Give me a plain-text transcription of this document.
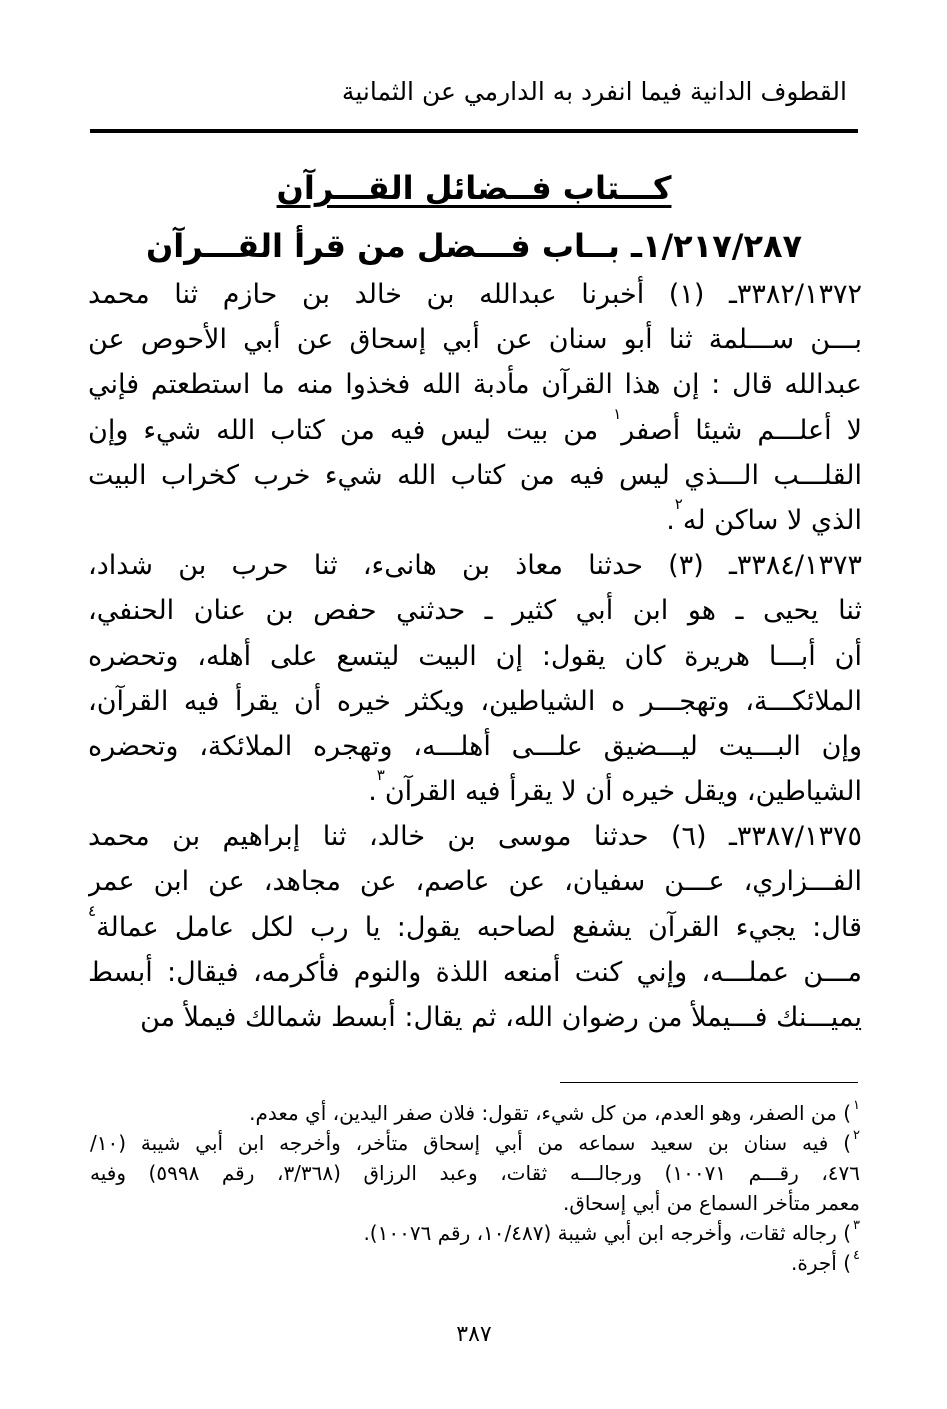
القطوف الدانية فيما انفرد به الدارمي عن الثمانية
كـــتاب فــضائل القـــرآن
١/٢١٧/٢٨٧ـ بــاب فـــضل من قرأ القـــرآن
٣٣٨٢/١٣٧٢ـ (١) أخبرنا عبدالله بن خالد بن حازم ثنا محمد
بـــن ســـلمة ثنا أبو سنان عن أبي إسحاق عن أبي الأحوص عن
عبدالله قال : إن هذا القرآن مأدبة الله فخذوا منه ما استطعتم فإني
لا أعلـــم شيئا أصفر$^١$ من بيت ليس فيه من كتاب الله شيء وإن
القلـــب الـــذي ليس فيه من كتاب الله شيء خرب كخراب البيت
الذي لا ساكن له$^٢$.
٣٣٨٤/١٣٧٣ـ (٣) حدثنا معاذ بن هانىء، ثنا حرب بن شداد،
ثنا يحيى ـ هو ابن أبي كثير ـ حدثني حفص بن عنان الحنفي،
أن أبـــا هريرة كان يقول: إن البيت ليتسع على أهله، وتحضره
الملائكـــة، وتهجـــر ه الشياطين، ويكثر خيره أن يقرأ فيه القرآن،
وإن البـــيت ليـــضيق علـــى أهلـــه، وتهجره الملائكة، وتحضره
الشياطين، ويقل خيره أن لا يقرأ فيه القرآن$^٣$.
٣٣٨٧/١٣٧٥ـ (٦) حدثنا موسى بن خالد، ثنا إبراهيم بن محمد
الفـــزاري، عـــن سفيان، عن عاصم، عن مجاهد، عن ابن عمر
قال: يجيء القرآن يشفع لصاحبه يقول: يا رب لكل عامل عمالة$^٤$
مـــن عملـــه، وإني كنت أمنعه اللذة والنوم فأكرمه، فيقال: أبسط
يميـــنك فـــيملأ من رضوان الله، ثم يقال: أبسط شمالك فيملأ من
$^١$) من الصفر، وهو العدم، من كل شيء، تقول: فلان صفر اليدين، أي معدم.
$^٢$) فيه سنان بن سعيد سماعه من أبي إسحاق متأخر، وأخرجه ابن أبي شيبة (١٠/
٤٧٦، رقـــم ١٠٠٧١) ورجالـــه ثقات، وعبد الرزاق (٣/٣٦٨، رقم ٥٩٩٨) وفيه
معمر متأخر السماع من أبي إسحاق.
$^٣$) رجاله ثقات، وأخرجه ابن أبي شيبة (١٠/٤٨٧، رقم ١٠٠٧٦).
$^٤$) أجرة.
٣٨٧
